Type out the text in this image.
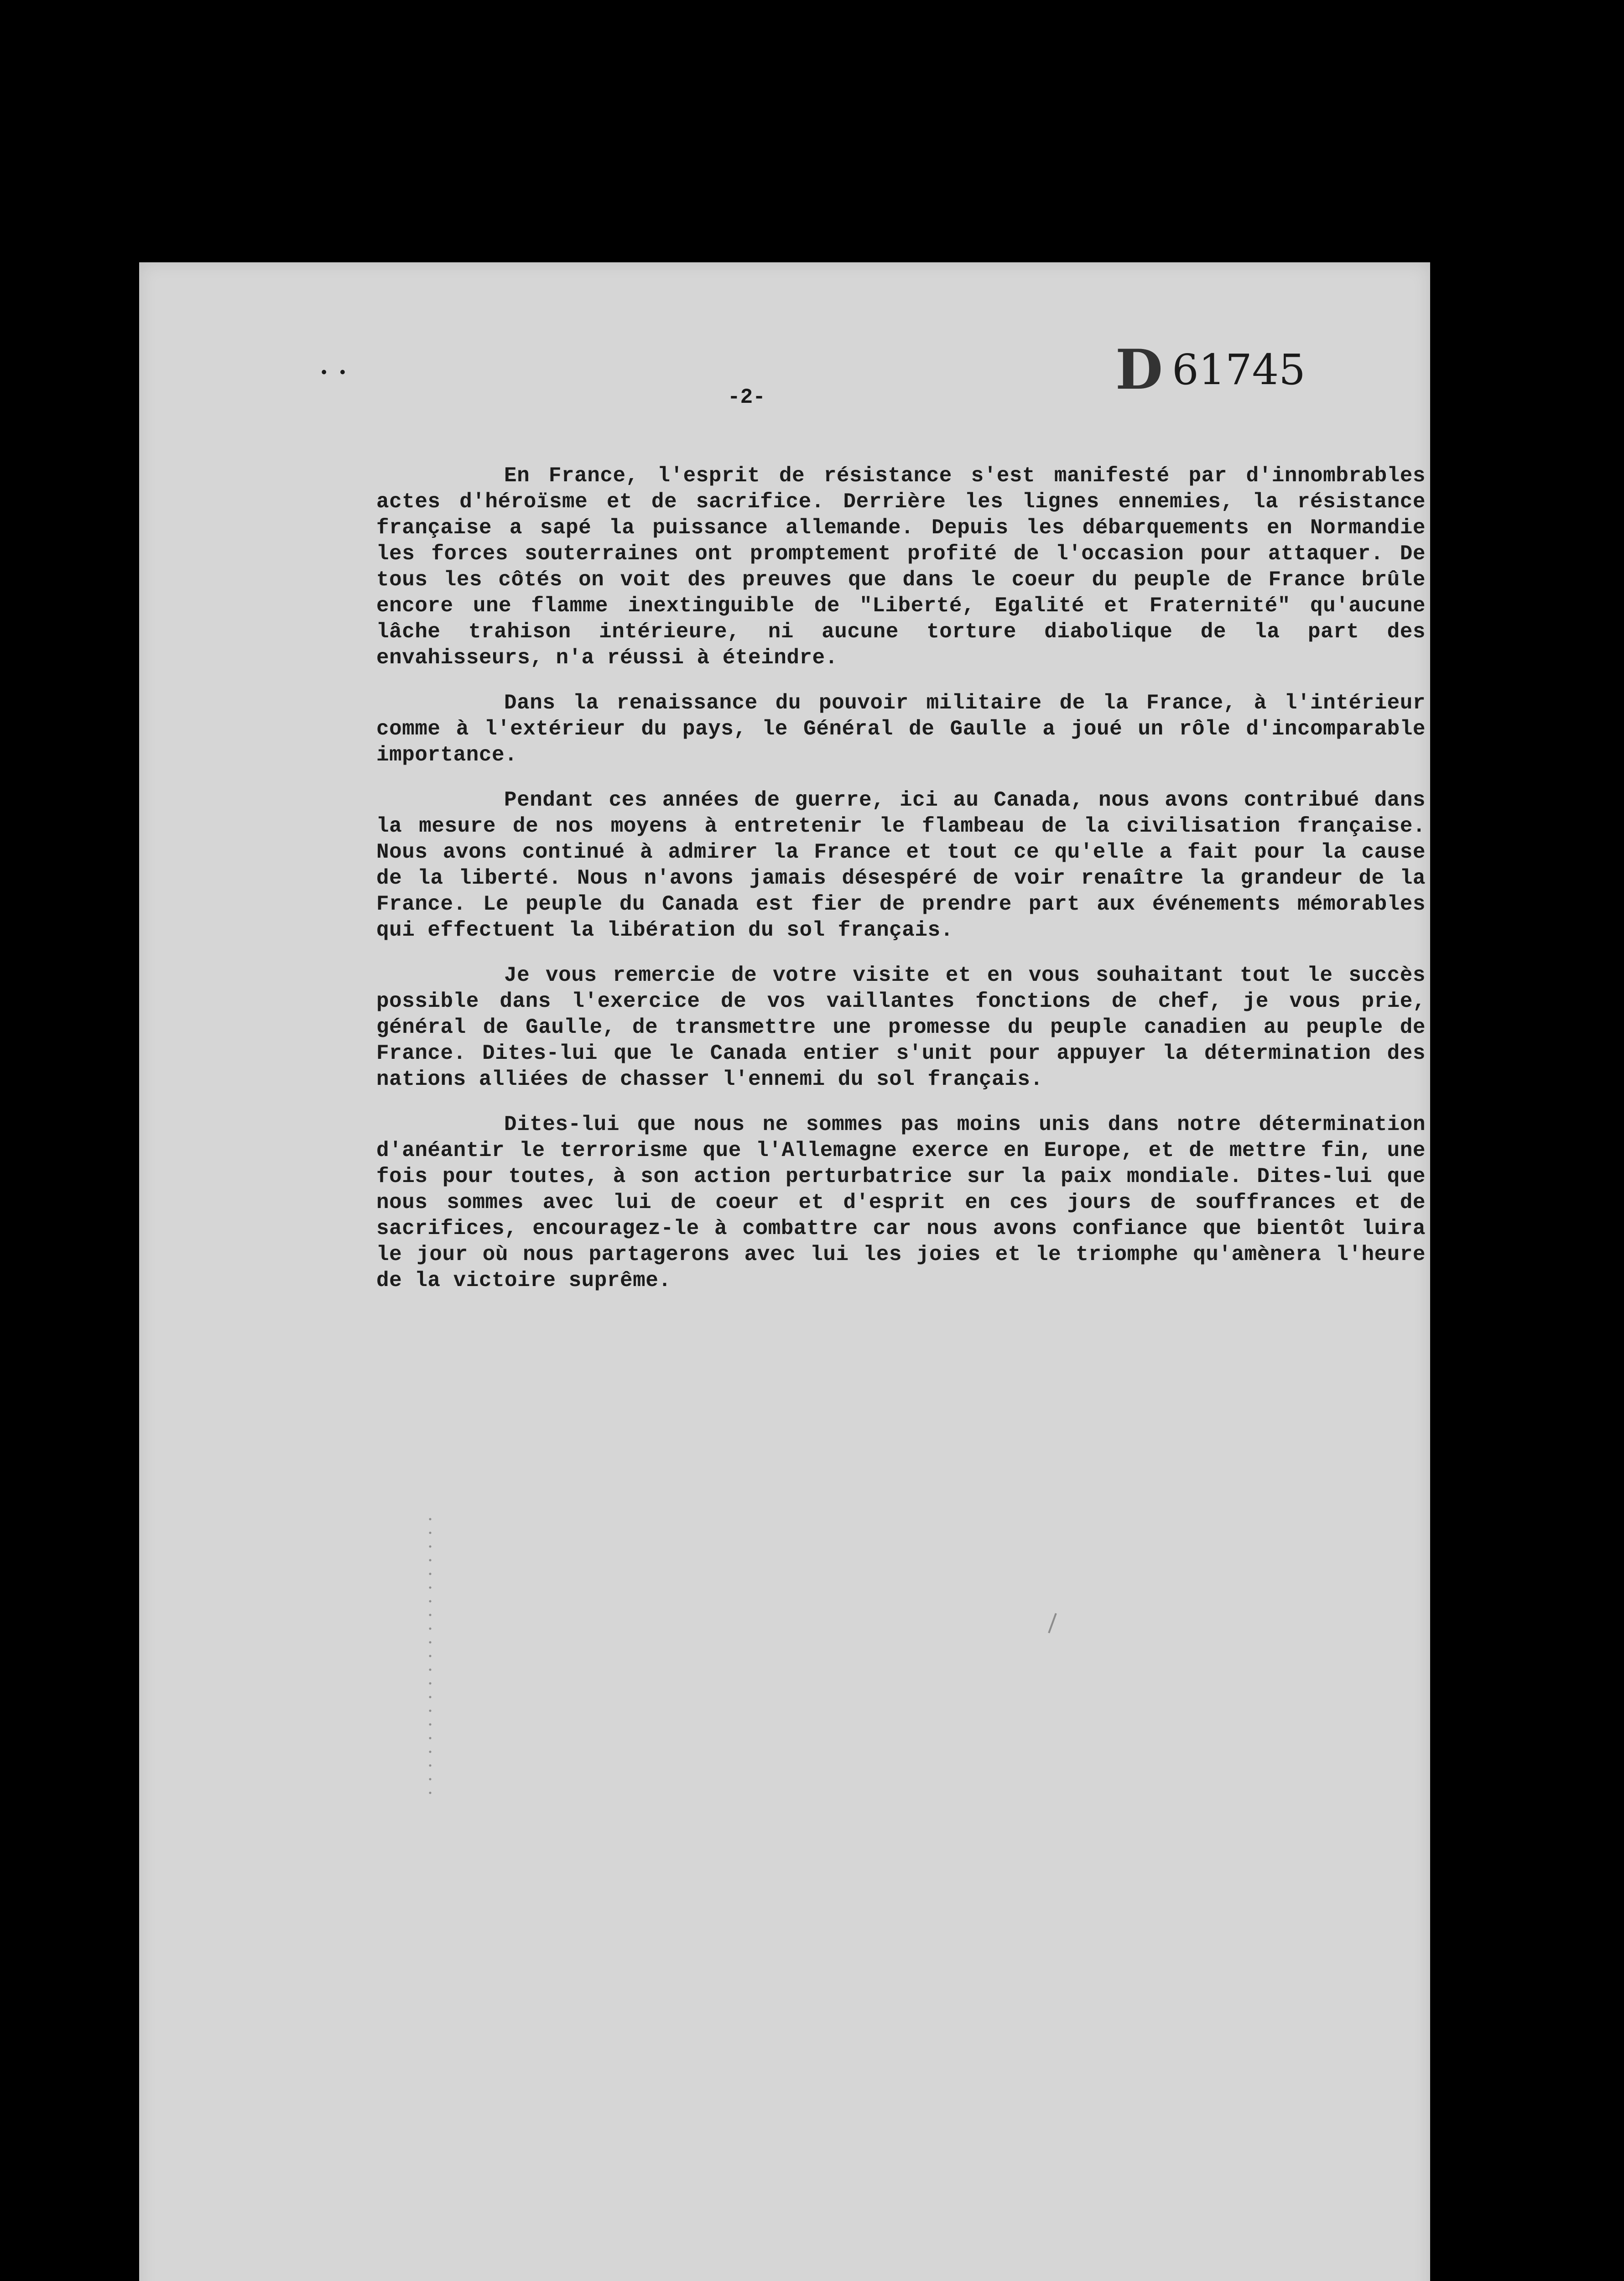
• •	D 61745
-2-

En France, l'esprit de résistance s'est manifesté par d'innombrables actes d'héroïsme et de sacrifice. Derrière les lignes ennemies, la résistance française a sapé la puissance allemande. Depuis les débarquements en Normandie les forces souterraines ont promptement profité de l'occasion pour attaquer. De tous les côtés on voit des preuves que dans le coeur du peuple de France brûle encore une flamme inextinguible de "Liberté, Egalité et Fraternité" qu'aucune lâche trahison intérieure, ni aucune torture diabolique de la part des envahisseurs, n'a réussi à éteindre.

Dans la renaissance du pouvoir militaire de la France, à l'intérieur comme à l'extérieur du pays, le Général de Gaulle a joué un rôle d'incomparable importance.

Pendant ces années de guerre, ici au Canada, nous avons contribué dans la mesure de nos moyens à entretenir le flambeau de la civilisation française. Nous avons continué à admirer la France et tout ce qu'elle a fait pour la cause de la liberté. Nous n'avons jamais désespéré de voir renaître la grandeur de la France. Le peuple du Canada est fier de prendre part aux événements mémorables qui effectuent la libération du sol français.

Je vous remercie de votre visite et en vous souhaitant tout le succès possible dans l'exercice de vos vaillantes fonctions de chef, je vous prie, général de Gaulle, de transmettre une promesse du peuple canadien au peuple de France. Dites-lui que le Canada entier s'unit pour appuyer la détermination des nations alliées de chasser l'ennemi du sol français.

Dites-lui que nous ne sommes pas moins unis dans notre détermination d'anéantir le terrorisme que l'Allemagne exerce en Europe, et de mettre fin, une fois pour toutes, à son action perturbatrice sur la paix mondiale. Dites-lui que nous sommes avec lui de coeur et d'esprit en ces jours de souffrances et de sacrifices, encouragez-le à combattre car nous avons confiance que bientôt luira le jour où nous partagerons avec lui les joies et le triomphe qu'amènera l'heure de la victoire suprême.
